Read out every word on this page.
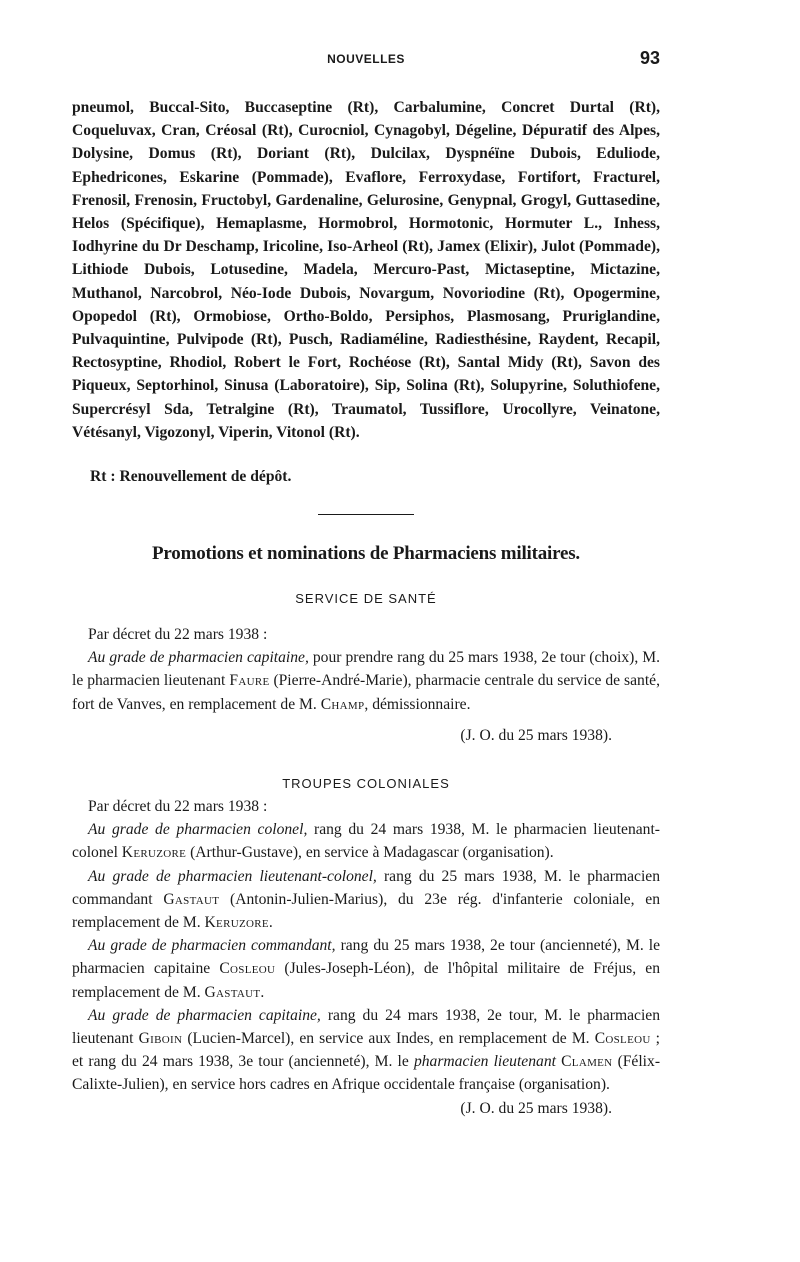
NOUVELLES	93

pneumol, Buccal-Sito, Buccaseptine (Rt), Carbalumine, Concret Durtal (Rt), Coqueluvax, Cran, Créosal (Rt), Curocniol, Cynagobyl, Dégeline, Dépuratif des Alpes, Dolysine, Domus (Rt), Doriant (Rt), Dulcilax, Dyspnéïne Dubois, Eduliode, Ephedricones, Eskarine (Pommade), Evaflore, Ferroxydase, Fortifort, Fracturel, Frenosil, Frenosin, Fructobyl, Gardenaline, Gelurosine, Genypnal, Grogyl, Guttasedine, Helos (Spécifique), Hemaplasme, Hormobrol, Hormotonic, Hormuter L., Inhess, Iodhyrine du Dr Deschamp, Iricoline, Iso-Arheol (Rt), Jamex (Elixir), Julot (Pommade), Lithiode Dubois, Lotusedine, Madela, Mercuro-Past, Mictaseptine, Mictazine, Muthanol, Narcobrol, Néo-Iode Dubois, Novargum, Novoriodine (Rt), Opogermine, Opopedol (Rt), Ormobiose, Ortho-Boldo, Persiphos, Plasmosang, Pruriglandine, Pulvaquintine, Pulvipode (Rt), Pusch, Radiaméline, Radiesthésine, Raydent, Recapil, Rectosyptine, Rhodiol, Robert le Fort, Rochéose (Rt), Santal Midy (Rt), Savon des Piqueux, Septorhinol, Sinusa (Laboratoire), Sip, Solina (Rt), Solupyrine, Soluthiofene, Supercrésyl Sda, Tetralgine (Rt), Traumatol, Tussiflore, Urocollyre, Veinatone, Vétésanyl, Vigozonyl, Viperin, Vitonol (Rt).

Rt : Renouvellement de dépôt.
Promotions et nominations de Pharmaciens militaires.
SERVICE DE SANTÉ

Par décret du 22 mars 1938 :

Au grade de pharmacien capitaine, pour prendre rang du 25 mars 1938, 2e tour (choix), M. le pharmacien lieutenant Faure (Pierre-André-Marie), pharmacie centrale du service de santé, fort de Vanves, en remplacement de M. Champ, démissionnaire.

(J. O. du 25 mars 1938).

TROUPES COLONIALES

Par décret du 22 mars 1938 :

Au grade de pharmacien colonel, rang du 24 mars 1938, M. le pharmacien lieutenant-colonel Keruzore (Arthur-Gustave), en service à Madagascar (organisation).

Au grade de pharmacien lieutenant-colonel, rang du 25 mars 1938, M. le pharmacien commandant Gastaut (Antonin-Julien-Marius), du 23e rég. d'infanterie coloniale, en remplacement de M. Keruzore.

Au grade de pharmacien commandant, rang du 25 mars 1938, 2e tour (ancienneté), M. le pharmacien capitaine Cosleou (Jules-Joseph-Léon), de l'hôpital militaire de Fréjus, en remplacement de M. Gastaut.

Au grade de pharmacien capitaine, rang du 24 mars 1938, 2e tour, M. le pharmacien lieutenant Giboin (Lucien-Marcel), en service aux Indes, en remplacement de M. Cosleou ; et rang du 24 mars 1938, 3e tour (ancienneté), M. le pharmacien lieutenant Clamen (Félix-Calixte-Julien), en service hors cadres en Afrique occidentale française (organisation).

(J. O. du 25 mars 1938).
